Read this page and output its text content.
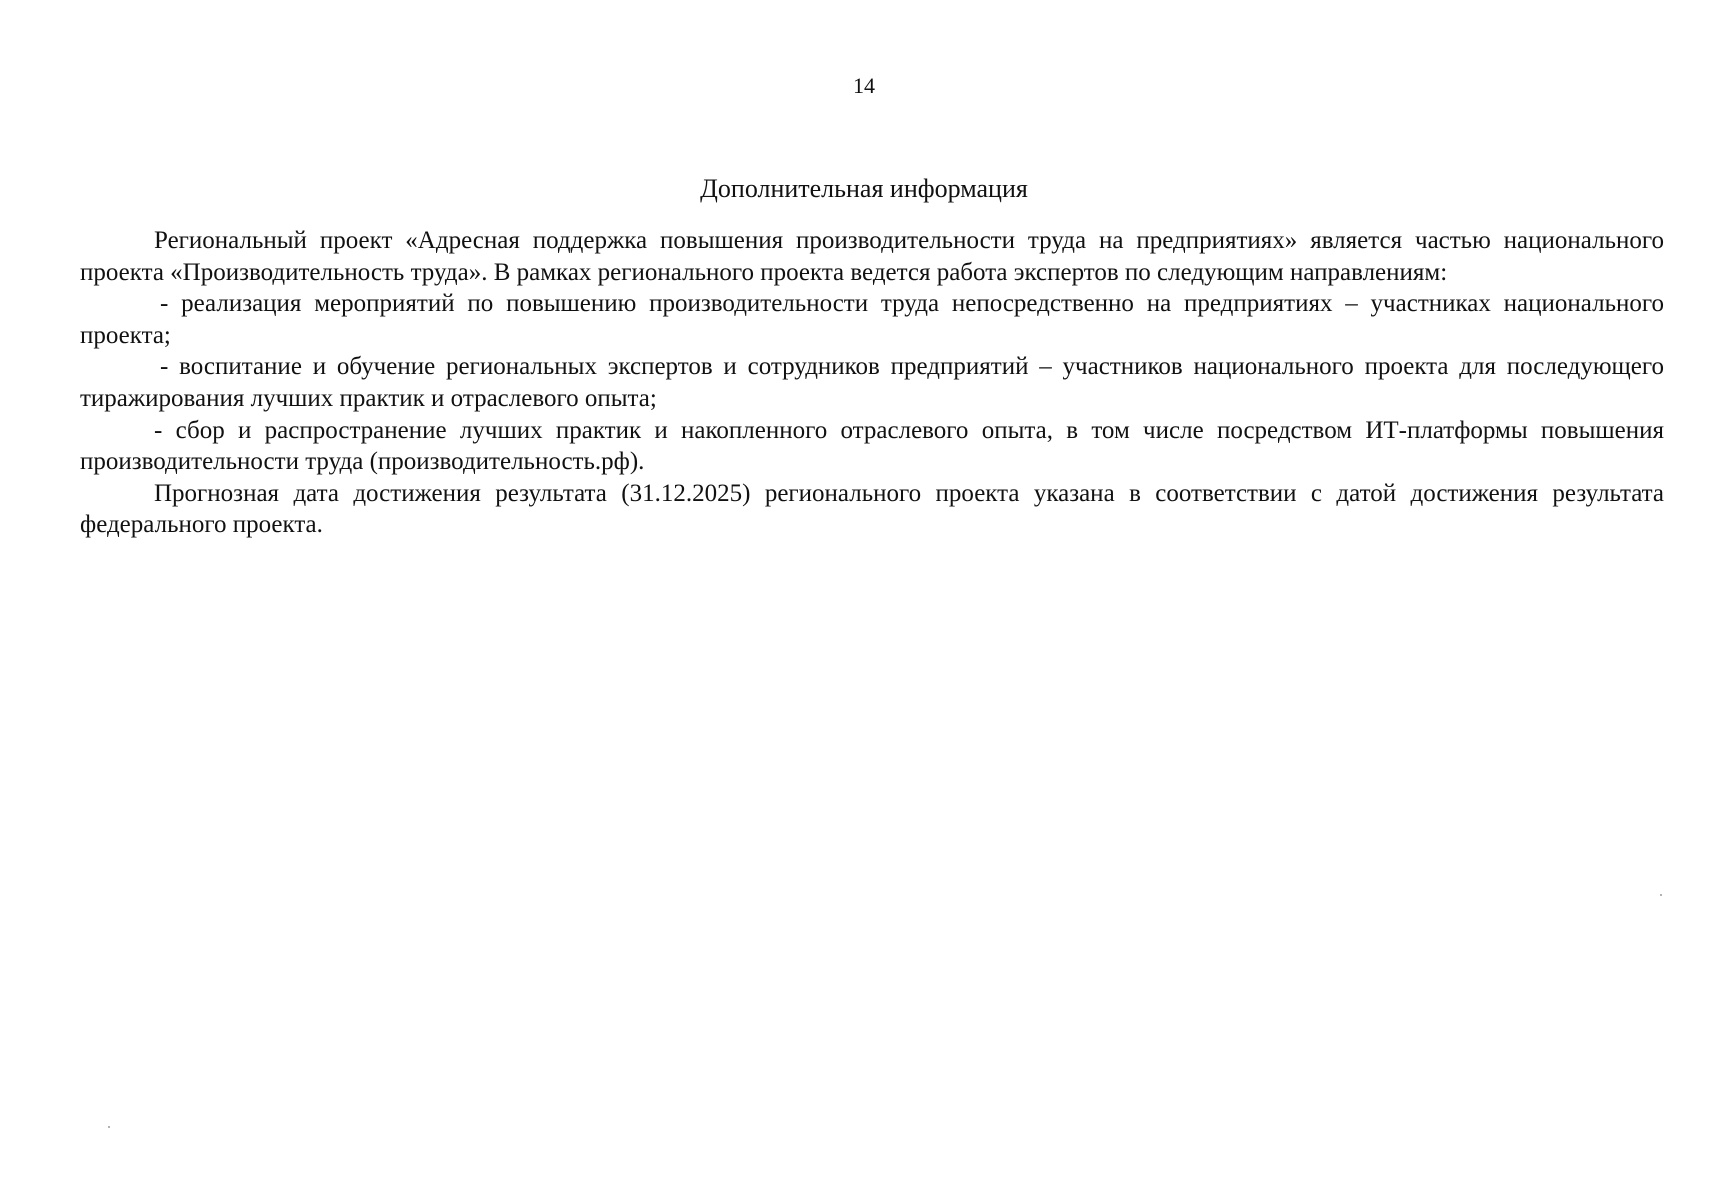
14
Дополнительная информация

Региональный проект «Адресная поддержка повышения производительности труда на предприятиях» является частью национального проекта «Производительность труда». В рамках регионального проекта ведется работа экспертов по следующим направлениям:

- реализация мероприятий по повышению производительности труда непосредственно на предприятиях – участниках национального проекта;

- воспитание и обучение региональных экспертов и сотрудников предприятий – участников национального проекта для последующего тиражирования лучших практик и отраслевого опыта;

- сбор и распространение лучших практик и накопленного отраслевого опыта, в том числе посредством ИТ-платформы повышения производительности труда (производительность.рф).

Прогнозная дата достижения результата (31.12.2025) регионального проекта указана в соответствии с датой достижения результата федерального проекта.
